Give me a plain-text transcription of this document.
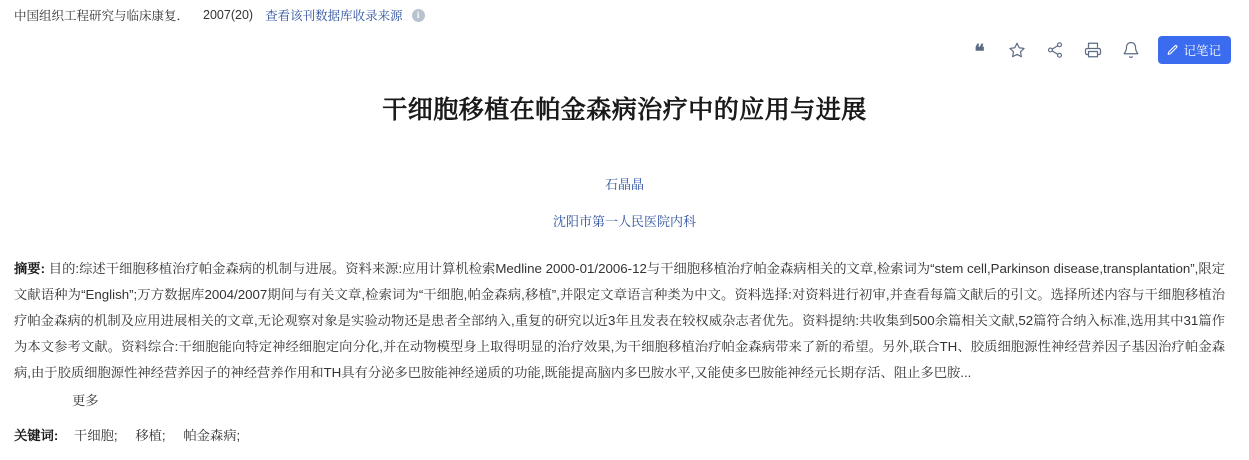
中国组织工程研究与临床康复． 2007(20) 查看该刊数据库收录来源	i
❝	记笔记
干细胞移植在帕金森病治疗中的应用与进展
石晶晶
沈阳市第一人民医院内科
摘要: 目的:综述干细胞移植治疗帕金森病的机制与进展。资料来源:应用计算机检索Medline 2000-01/2006-12与干细胞移植治疗帕金森病相关的文章,检索词为“stem cell,Parkinson disease,transplantation”,限定文献语种为“English”;万方数据库2004/2007期间与有关文章,检索词为“干细胞,帕金森病,移植”,并限定文章语言种类为中文。资料选择:对资料进行初审,并查看每篇文献后的引文。选择所述内容与干细胞移植治疗帕金森病的机制及应用进展相关的文章,无论观察对象是实验动物还是患者全部纳入,重复的研究以近3年且发表在较权威杂志者优先。资料提纳:共收集到500余篇相关文献,52篇符合纳入标准,选用其中31篇作为本文参考文献。资料综合:干细胞能向特定神经细胞定向分化,并在动物模型身上取得明显的治疗效果,为干细胞移植治疗帕金森病带来了新的希望。另外,联合TH、胶质细胞源性神经营养因子基因治疗帕金森病,由于胶质细胞源性神经营养因子的神经营养作用和TH具有分泌多巴胺能神经递质的功能,既能提高脑内多巴胺水平,又能使多巴胺能神经元长期存活、阻止多巴胺...
更多
关键词: 干细胞; 移植; 帕金森病;
